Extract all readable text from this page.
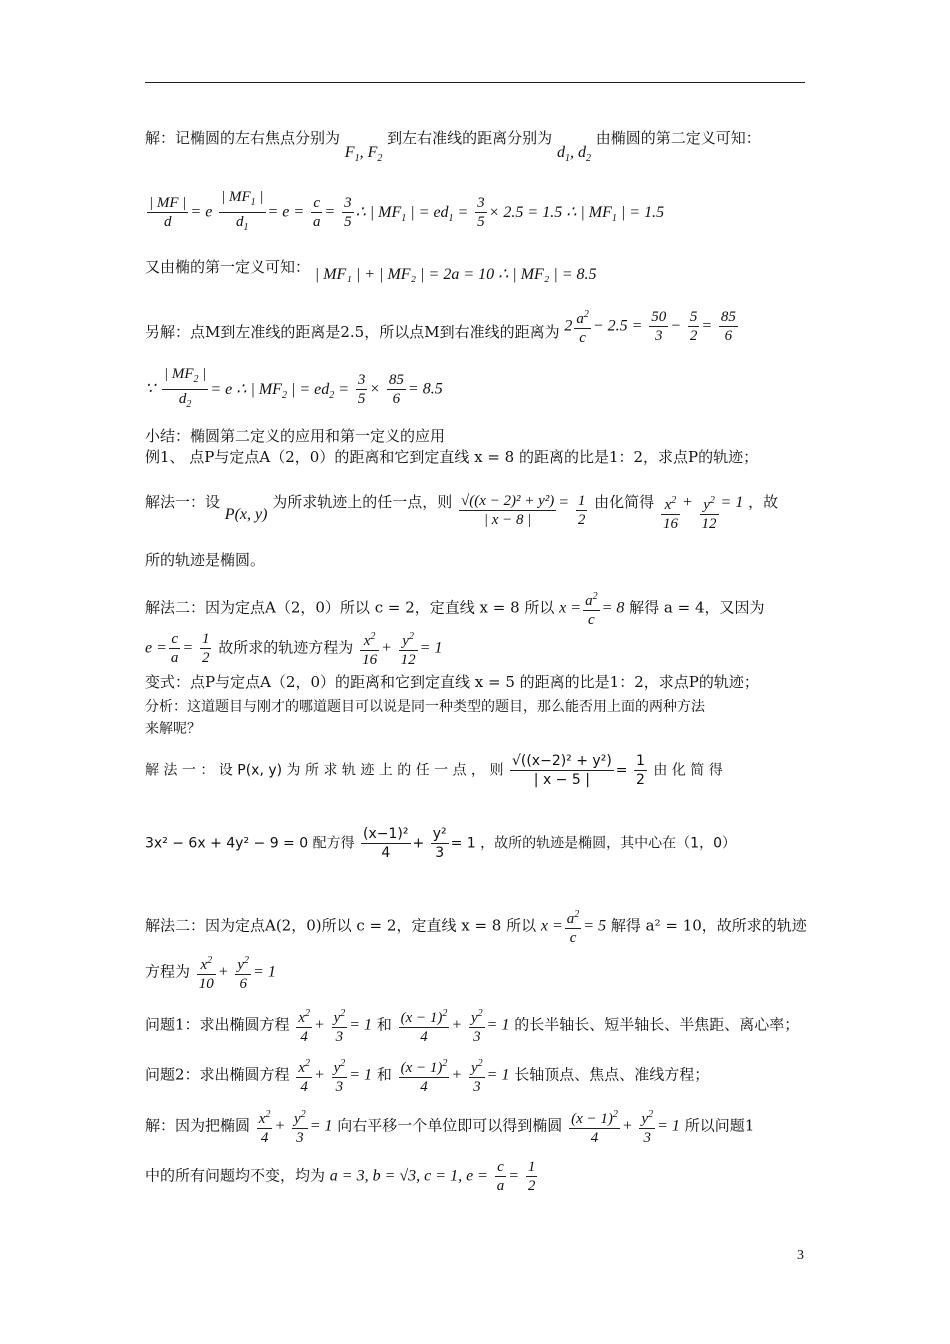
解：记椭圆的左右焦点分别为 $F_1$, $F_2$ 到左右准线的距离分别为 $d_1$, $d_2$ 由椭圆的第二定义可知：
$\frac{| MF |}{d} = e \frac{| MF_1 |}{d_1} = e = \frac{c}{a} = \frac{3}{5}$ ∴ | $MF_1$ | = $ed_1 = \frac{3}{5} \times 2.5 = 1.5$ ∴ | $MF_1$ | = 1.5
又由椭的第一定义可知： | MF₁ | + | MF₂ | = 2a = 10 ∴ | MF₂ | = 8.5
另解：点M到左准线的距离是2.5，所以点M到右准线的距离为 $2 \frac{a^2}{c} - 2.5 = \frac{50}{3} - \frac{5}{2} = \frac{85}{6}$
∵ $\frac{| MF_2 |}{d_2} = e$ ∴ | $MF_2$ | = $ed_2 = \frac{3}{5} \times \frac{85}{6} = 8.5$
小结：椭圆第二定义的应用和第一定义的应用
例1、 点P与定点A（2，0）的距离和它到定直线 x = 8 的距离的比是1：2，求点P的轨迹；
解法一：设 P(x, y) 为所求轨迹上的任一点，则 $\frac{\text{√((x − 2)² + y²)}}{| x - 8 |} = \frac{1}{2}$ 由化简得 $\frac{x^2}{16} + \frac{y^2}{12} = 1$ ，故
所的轨迹是椭圆。
解法二：因为定点A（2，0）所以 c = 2，定直线 x = 8 所以 $x = \frac{a^2}{c} = 8$ 解得 a = 4，又因为
$e = \frac{c}{a} = \frac{1}{2}$ 故所求的轨迹方程为 $\frac{x^2}{16} + \frac{y^2}{12} = 1$
变式：点P与定点A（2，0）的距离和它到定直线 x = 5 的距离的比是1：2，求点P的轨迹；
分析：这道题目与刚才的哪道题目可以说是同一种类型的题目，那么能否用上面的两种方法
来解呢？
解 法 一 ： 设 P(x, y) 为 所 求 轨 迹 上 的 任 一 点 ， 则 $\frac{\text{√((x−2)² + y²)}}{| x - 5 |} = \frac{1}{2}$ 由 化 简 得
3x² − 6x + 4y² − 9 = 0 配方得 $\frac{\text{(x−1)²}}{4} + \frac{\text{y²}}{3} = 1$ ，故所的轨迹是椭圆，其中心在（1，0）
解法二：因为定点A(2，0)所以 c = 2，定直线 x = 8 所以 $x = \frac{a^2}{c} = 5$ 解得 a² = 10，故所求的轨迹
方程为 $\frac{x^2}{10} + \frac{y^2}{6} = 1$
问题1：求出椭圆方程 $\frac{x^2}{4} + \frac{y^2}{3} = 1$ 和 $\frac{(x - 1)^2}{4} + \frac{y^2}{3} = 1$ 的长半轴长、短半轴长、半焦距、离心率；
问题2：求出椭圆方程 $\frac{x^2}{4} + \frac{y^2}{3} = 1$ 和 $\frac{(x - 1)^2}{4} + \frac{y^2}{3} = 1$ 长轴顶点、焦点、准线方程；
解：因为把椭圆 $\frac{x^2}{4} + \frac{y^2}{3} = 1$ 向右平移一个单位即可以得到椭圆 $\frac{(x - 1)^2}{4} + \frac{y^2}{3} = 1$ 所以问题1
中的所有问题均不变，均为 a = 3, b = √3, c = 1, $e = \frac{c}{a} = \frac{1}{2}$
3
